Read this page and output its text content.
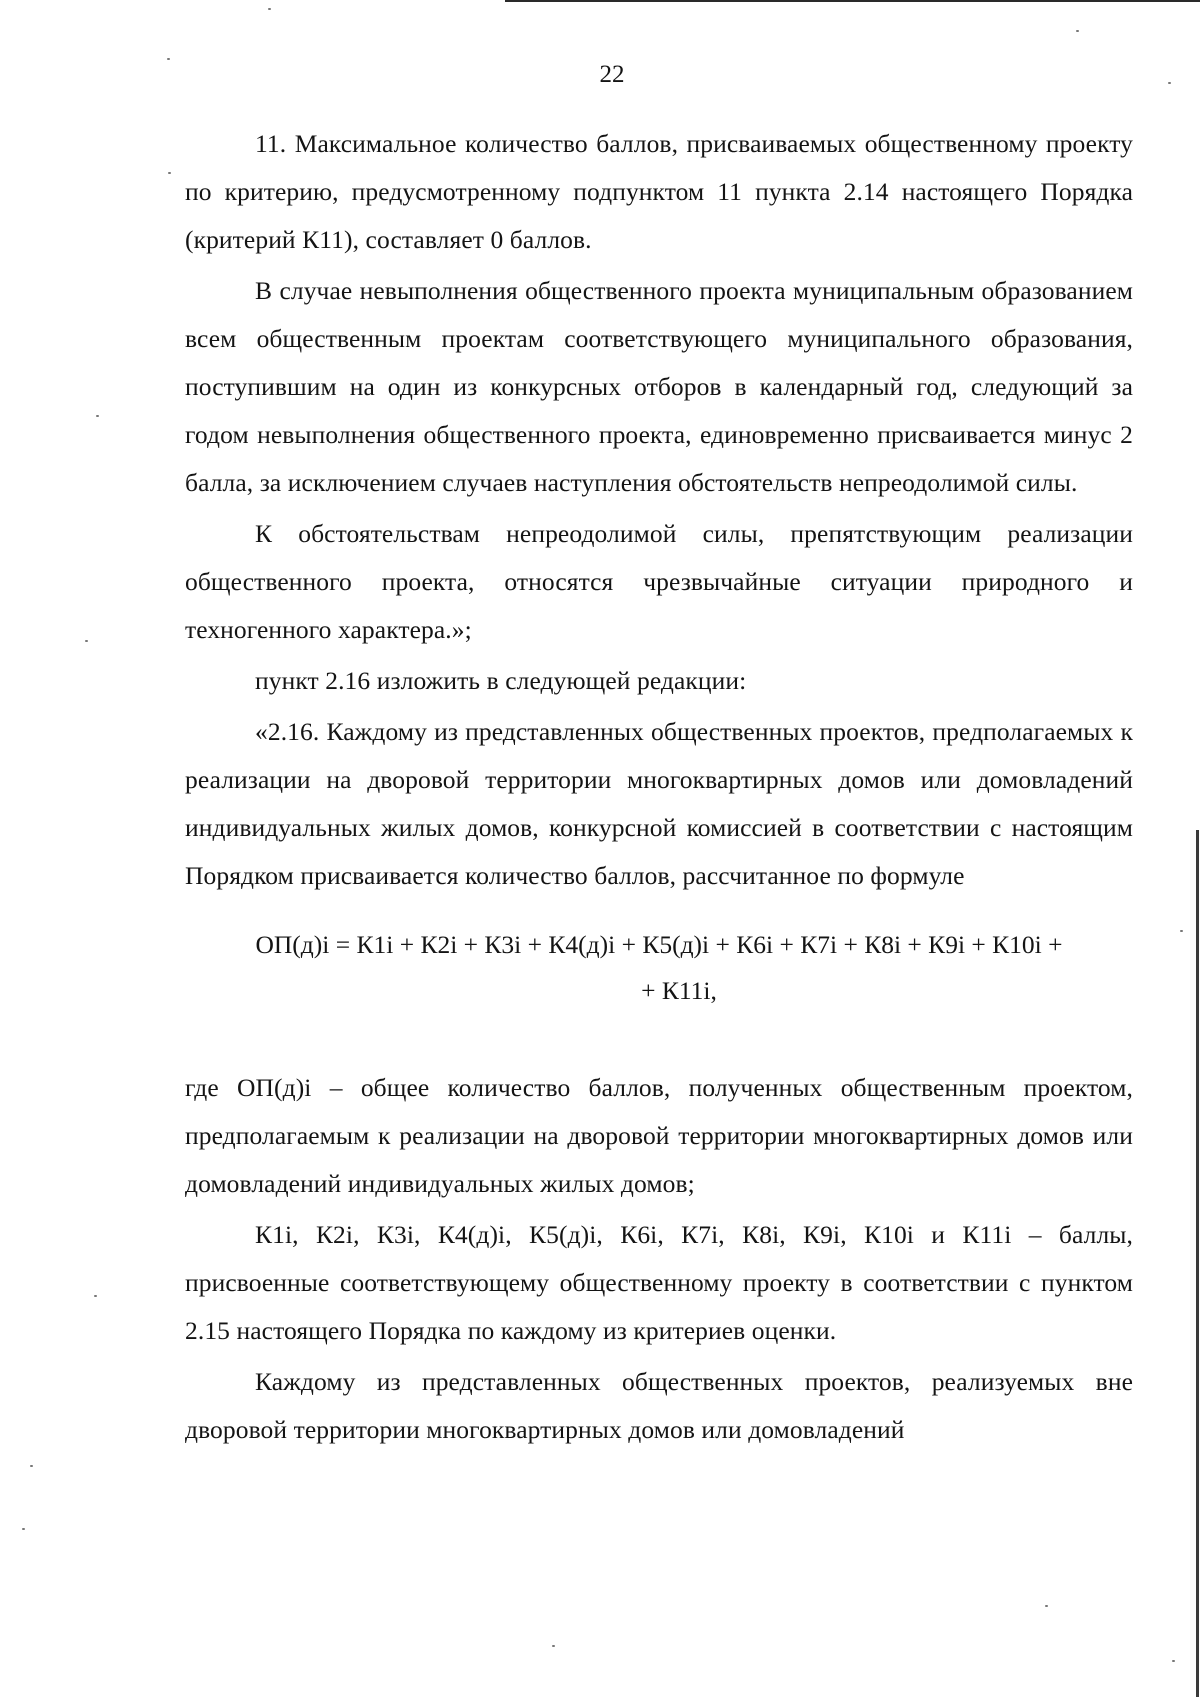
22

11. Максимальное количество баллов, присваиваемых общественному проекту по критерию, предусмотренному подпунктом 11 пункта 2.14 настоящего Порядка (критерий К11), составляет 0 баллов.

В случае невыполнения общественного проекта муниципальным образованием всем общественным проектам соответствующего муниципального образования, поступившим на один из конкурсных отборов в календарный год, следующий за годом невыполнения общественного проекта, единовременно присваивается минус 2 балла, за исключением случаев наступления обстоятельств непреодолимой силы.

К обстоятельствам непреодолимой силы, препятствующим реализации общественного проекта, относятся чрезвычайные ситуации природного и техногенного характера.»;

пункт 2.16 изложить в следующей редакции:

«2.16. Каждому из представленных общественных проектов, предполагаемых к реализации на дворовой территории многоквартирных домов или домовладений индивидуальных жилых домов, конкурсной комиссией в соответствии с настоящим Порядком присваивается количество баллов, рассчитанное по формуле

ОП(д)i = К1i + К2i + К3i + К4(д)i + К5(д)i + К6i + К7i + К8i + К9i + К10i +
+ К11i,

где ОП(д)i – общее количество баллов, полученных общественным проектом, предполагаемым к реализации на дворовой территории многоквартирных домов или домовладений индивидуальных жилых домов;

К1i, К2i, К3i, К4(д)i, К5(д)i, К6i, К7i, К8i, К9i, К10i и К11i – баллы, присвоенные соответствующему общественному проекту в соответствии с пунктом 2.15 настоящего Порядка по каждому из критериев оценки.

Каждому из представленных общественных проектов, реализуемых вне дворовой территории многоквартирных домов или домовладений
